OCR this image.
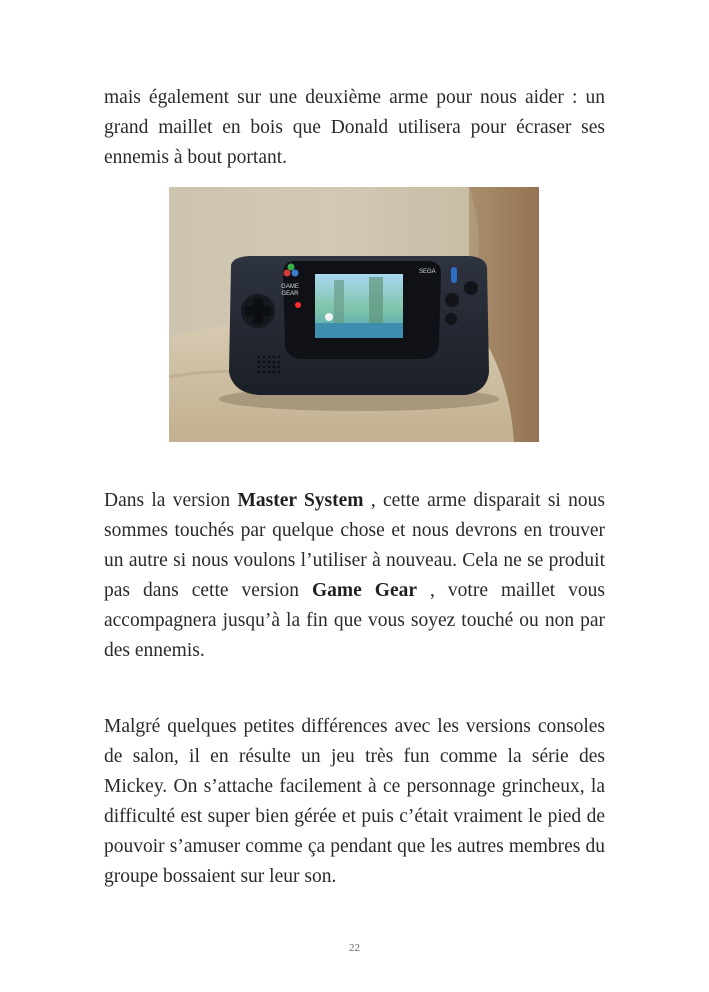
mais également sur une deuxième arme pour nous aider : un grand maillet en bois que Donald utilisera pour écraser ses ennemis à bout portant.

GAME
GEAR
SEGA

Dans la version Master System , cette arme disparait si nous sommes touchés par quelque chose et nous devrons en trouver un autre si nous voulons l’utiliser à nouveau. Cela ne se produit pas dans cette version Game Gear , votre maillet vous accompagnera jusqu’à la fin que vous soyez touché ou non par des ennemis.

Malgré quelques petites différences avec les versions consoles de salon, il en résulte un jeu très fun comme la série des Mickey. On s’attache facilement à ce personnage grincheux, la difficulté est super bien gérée et puis c’était vraiment le pied de pouvoir s’amuser comme ça pendant que les autres membres du groupe bossaient sur leur son.

22
